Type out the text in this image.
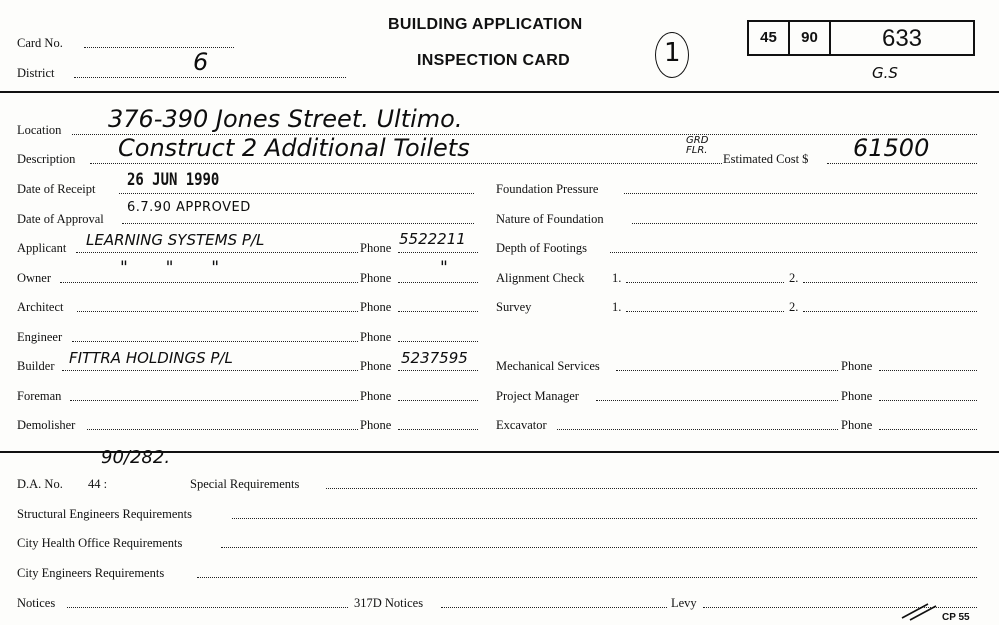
Card No.
District	6
BUILDING APPLICATION
INSPECTION CARD	1
45	90	633
G.S
Location 376-390 Jones Street. Ultimo.
Description Construct 2 Additional Toilets	GRD FLR.
Estimated Cost $ 61500
Date of Receipt 26 JUN 1990
Date of Approval
6.7.90 APPROVED
Applicant LEARNING SYSTEMS P/L	Phone 5522211
Owner	"       "       "	Phone	"
Architect	Phone
Engineer	Phone
Builder FITTRA HOLDINGS P/L	Phone 5237595
Foreman	Phone
Demolisher	Phone
Foundation Pressure
Nature of Foundation
Depth of Footings
Alignment Check 1.	2.
Survey	1.	2.
Mechanical Services	Phone
Project Manager	Phone
Excavator	Phone
90/282.
D.A. No. 44 :	Special Requirements
Structural Engineers Requirements
City Health Office Requirements
City Engineers Requirements
Notices	317D Notices	Levy
CP 55
